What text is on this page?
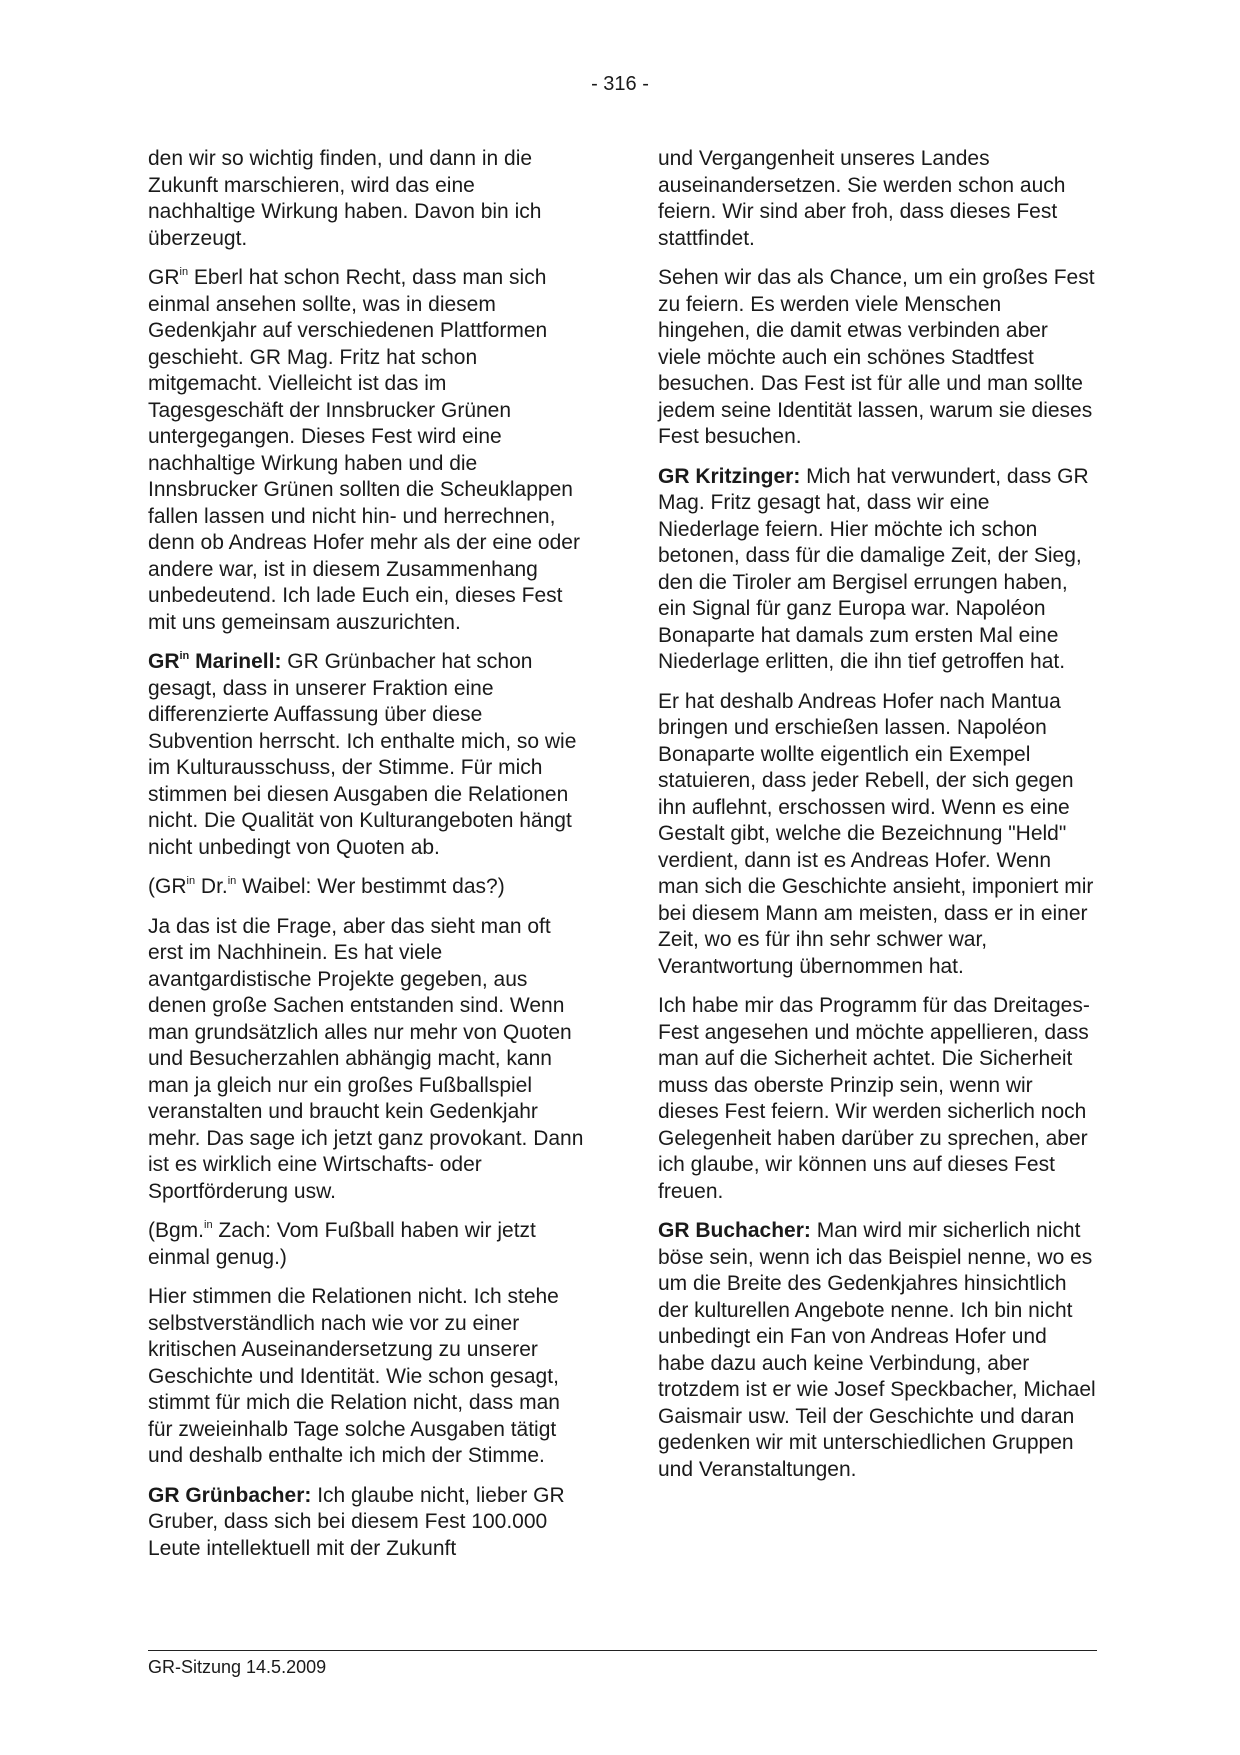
- 316 -

den wir so wichtig finden, und dann in die Zukunft marschieren, wird das eine nachhaltige Wirkung haben. Davon bin ich überzeugt.

$GR^{in}$ Eberl hat schon Recht, dass man sich einmal ansehen sollte, was in diesem Gedenkjahr auf verschiedenen Plattformen geschieht. GR Mag. Fritz hat schon mitgemacht. Vielleicht ist das im Tagesgeschäft der Innsbrucker Grünen untergegangen. Dieses Fest wird eine nachhaltige Wirkung haben und die Innsbrucker Grünen sollten die Scheuklappen fallen lassen und nicht hin- und herrechnen, denn ob Andreas Hofer mehr als der eine oder andere war, ist in diesem Zusammenhang unbedeutend. Ich lade Euch ein, dieses Fest mit uns gemeinsam auszurichten.

$GR^{in}$ Marinell: GR Grünbacher hat schon gesagt, dass in unserer Fraktion eine differenzierte Auffassung über diese Subvention herrscht. Ich enthalte mich, so wie im Kulturausschuss, der Stimme. Für mich stimmen bei diesen Ausgaben die Relationen nicht. Die Qualität von Kulturangeboten hängt nicht unbedingt von Quoten ab.

($GR^{in}$ Dr.$^{in}$ Waibel: Wer bestimmt das?)

Ja das ist die Frage, aber das sieht man oft erst im Nachhinein. Es hat viele avantgardistische Projekte gegeben, aus denen große Sachen entstanden sind. Wenn man grundsätzlich alles nur mehr von Quoten und Besucherzahlen abhängig macht, kann man ja gleich nur ein großes Fußballspiel veranstalten und braucht kein Gedenkjahr mehr. Das sage ich jetzt ganz provokant. Dann ist es wirklich eine Wirtschafts- oder Sportförderung usw.

(Bgm.$^{in}$ Zach: Vom Fußball haben wir jetzt einmal genug.)

Hier stimmen die Relationen nicht. Ich stehe selbstverständlich nach wie vor zu einer kritischen Auseinandersetzung zu unserer Geschichte und Identität. Wie schon gesagt, stimmt für mich die Relation nicht, dass man für zweieinhalb Tage solche Ausgaben tätigt und deshalb enthalte ich mich der Stimme.

GR Grünbacher: Ich glaube nicht, lieber GR Gruber, dass sich bei diesem Fest 100.000 Leute intellektuell mit der Zukunft

und Vergangenheit unseres Landes auseinandersetzen. Sie werden schon auch feiern. Wir sind aber froh, dass dieses Fest stattfindet.

Sehen wir das als Chance, um ein großes Fest zu feiern. Es werden viele Menschen hingehen, die damit etwas verbinden aber viele möchte auch ein schönes Stadtfest besuchen. Das Fest ist für alle und man sollte jedem seine Identität lassen, warum sie dieses Fest besuchen.

GR Kritzinger: Mich hat verwundert, dass GR Mag. Fritz gesagt hat, dass wir eine Niederlage feiern. Hier möchte ich schon betonen, dass für die damalige Zeit, der Sieg, den die Tiroler am Bergisel errungen haben, ein Signal für ganz Europa war. Napoléon Bonaparte hat damals zum ersten Mal eine Niederlage erlitten, die ihn tief getroffen hat.

Er hat deshalb Andreas Hofer nach Mantua bringen und erschießen lassen. Napoléon Bonaparte wollte eigentlich ein Exempel statuieren, dass jeder Rebell, der sich gegen ihn auflehnt, erschossen wird. Wenn es eine Gestalt gibt, welche die Bezeichnung "Held" verdient, dann ist es Andreas Hofer. Wenn man sich die Geschichte ansieht, imponiert mir bei diesem Mann am meisten, dass er in einer Zeit, wo es für ihn sehr schwer war, Verantwortung übernommen hat.

Ich habe mir das Programm für das Dreitages-Fest angesehen und möchte appellieren, dass man auf die Sicherheit achtet. Die Sicherheit muss das oberste Prinzip sein, wenn wir dieses Fest feiern. Wir werden sicherlich noch Gelegenheit haben darüber zu sprechen, aber ich glaube, wir können uns auf dieses Fest freuen.

GR Buchacher: Man wird mir sicherlich nicht böse sein, wenn ich das Beispiel nenne, wo es um die Breite des Gedenkjahres hinsichtlich der kulturellen Angebote nenne. Ich bin nicht unbedingt ein Fan von Andreas Hofer und habe dazu auch keine Verbindung, aber trotzdem ist er wie Josef Speckbacher, Michael Gaismair usw. Teil der Geschichte und daran gedenken wir mit unterschiedlichen Gruppen und Veranstaltungen.

GR-Sitzung 14.5.2009
